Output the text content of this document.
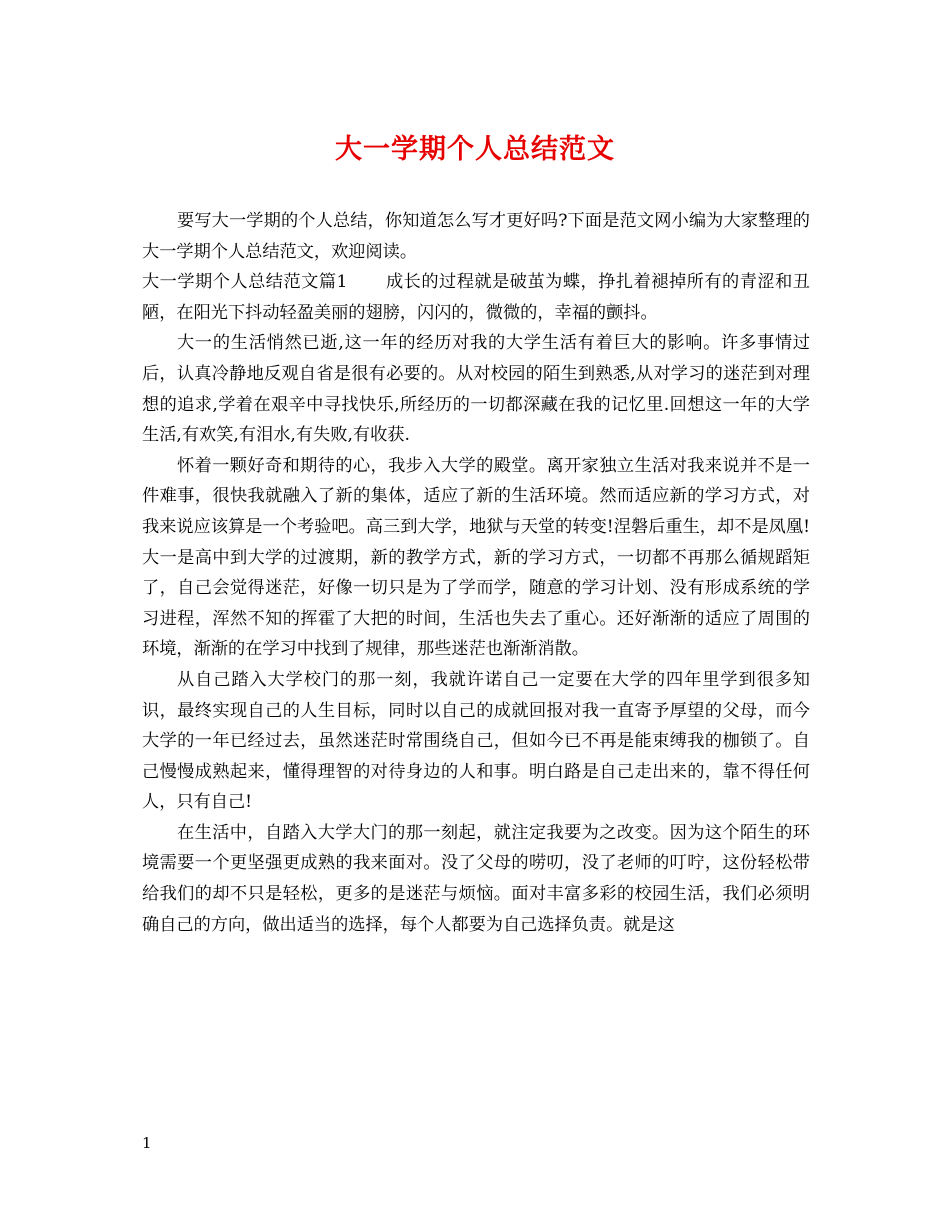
大一学期个人总结范文

要写大一学期的个人总结，你知道怎么写才更好吗?下面是范文网小编为大家整理的大一学期个人总结范文，欢迎阅读。

大一学期个人总结范文篇1 成长的过程就是破茧为蝶，挣扎着褪掉所有的青涩和丑陋，在阳光下抖动轻盈美丽的翅膀，闪闪的，微微的，幸福的颤抖。

大一的生活悄然已逝,这一年的经历对我的大学生活有着巨大的影响。许多事情过后，认真冷静地反观自省是很有必要的。从对校园的陌生到熟悉,从对学习的迷茫到对理想的追求,学着在艰辛中寻找快乐,所经历的一切都深藏在我的记忆里.回想这一年的大学生活,有欢笑,有泪水,有失败,有收获.

怀着一颗好奇和期待的心，我步入大学的殿堂。离开家独立生活对我来说并不是一件难事，很快我就融入了新的集体，适应了新的生活环境。然而适应新的学习方式，对我来说应该算是一个考验吧。高三到大学，地狱与天堂的转变!涅磐后重生，却不是凤凰!大一是高中到大学的过渡期，新的教学方式，新的学习方式，一切都不再那么循规蹈矩了，自己会觉得迷茫，好像一切只是为了学而学，随意的学习计划、没有形成系统的学习进程，浑然不知的挥霍了大把的时间，生活也失去了重心。还好渐渐的适应了周围的环境，渐渐的在学习中找到了规律，那些迷茫也渐渐消散。

从自己踏入大学校门的那一刻，我就许诺自己一定要在大学的四年里学到很多知识，最终实现自己的人生目标，同时以自己的成就回报对我一直寄予厚望的父母，而今大学的一年已经过去，虽然迷茫时常围绕自己，但如今已不再是能束缚我的枷锁了。自己慢慢成熟起来，懂得理智的对待身边的人和事。明白路是自己走出来的，靠不得任何人，只有自己!

在生活中，自踏入大学大门的那一刻起，就注定我要为之改变。因为这个陌生的环境需要一个更坚强更成熟的我来面对。没了父母的唠叨，没了老师的叮咛，这份轻松带给我们的却不只是轻松，更多的是迷茫与烦恼。面对丰富多彩的校园生活，我们必须明确自己的方向，做出适当的选择，每个人都要为自己选择负责。就是这

1
